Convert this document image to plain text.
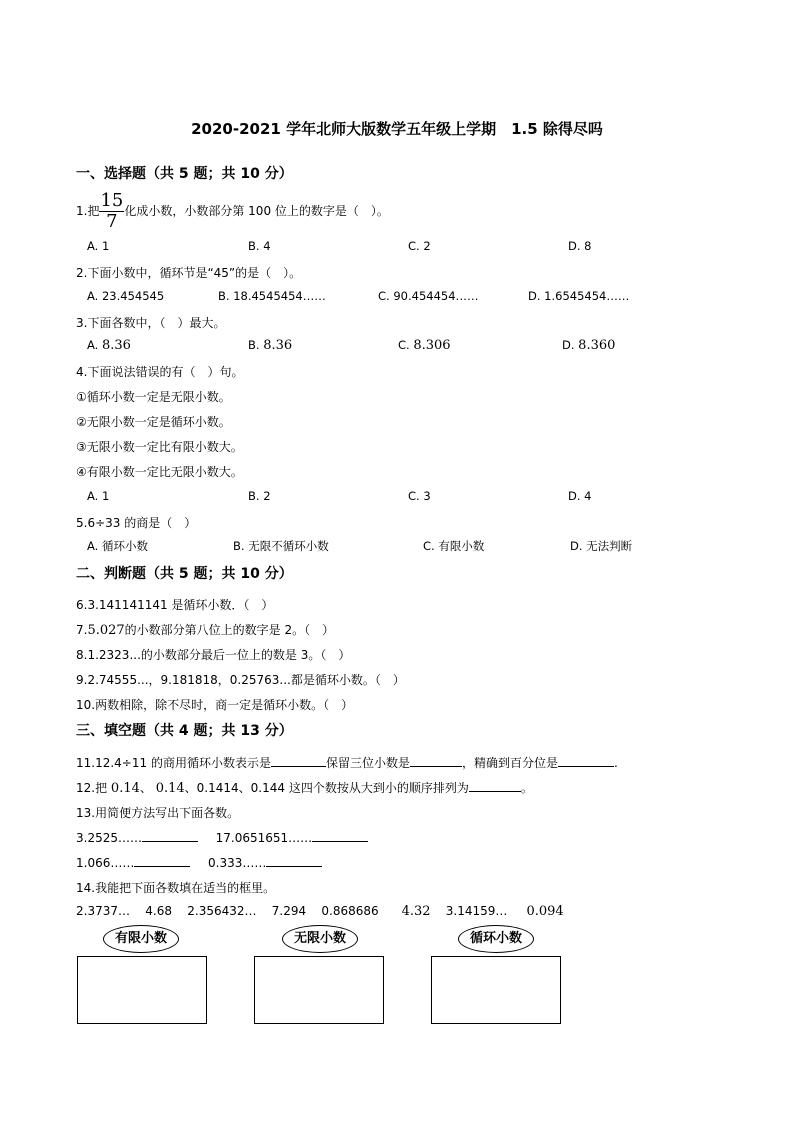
2020-2021 学年北师大版数学五年级上学期　1.5 除得尽吗
一、选择题（共 5 题；共 10 分）
1.把 $\frac{15}{7}$ 化成小数，小数部分第 100 位上的数字是（　）。
A. 1	B. 4	C. 2	D. 8
2.下面小数中，循环节是“45”的是（　）。
A. 23.454545	B. 18.4545454……	C. 90.454454……	D. 1.6545454……
3.下面各数中，（　）最大。
A. 8.36	B. 8.36	C. 8.306	D. 8.360
4.下面说法错误的有（　）句。
①循环小数一定是无限小数。
②无限小数一定是循环小数。
③无限小数一定比有限小数大。
④有限小数一定比无限小数大。
A. 1	B. 2	C. 3	D. 4
5.6÷33 的商是（　）
A. 循环小数	B. 无限不循环小数	C. 有限小数	D. 无法判断
二、判断题（共 5 题；共 10 分）
6.3.141141141 是循环小数．（　）
7.5.027的小数部分第八位上的数字是 2。（　）
8.1.2323...的小数部分最后一位上的数是 3。（　）
9.2.74555...，9.181818，0.25763...都是循环小数。（　）
10.两数相除，除不尽时，商一定是循环小数。（　）
三、填空题（共 4 题；共 13 分）
11.12.4÷11 的商用循环小数表示是	保留三位小数是	，精确到百分位是	.
12.把 0.14、 0.14、0.1414、0.144 这四个数按从大到小的顺序排列为	。
13.用简便方法写出下面各数。
3.2525……	17.0651651……
1.066……	0.333……
14.我能把下面各数填在适当的框里。
2.3737… 4.68 2.356432… 7.294 0.868686 4.32 3.14159… 0.094
有限小数	无限小数	循环小数
